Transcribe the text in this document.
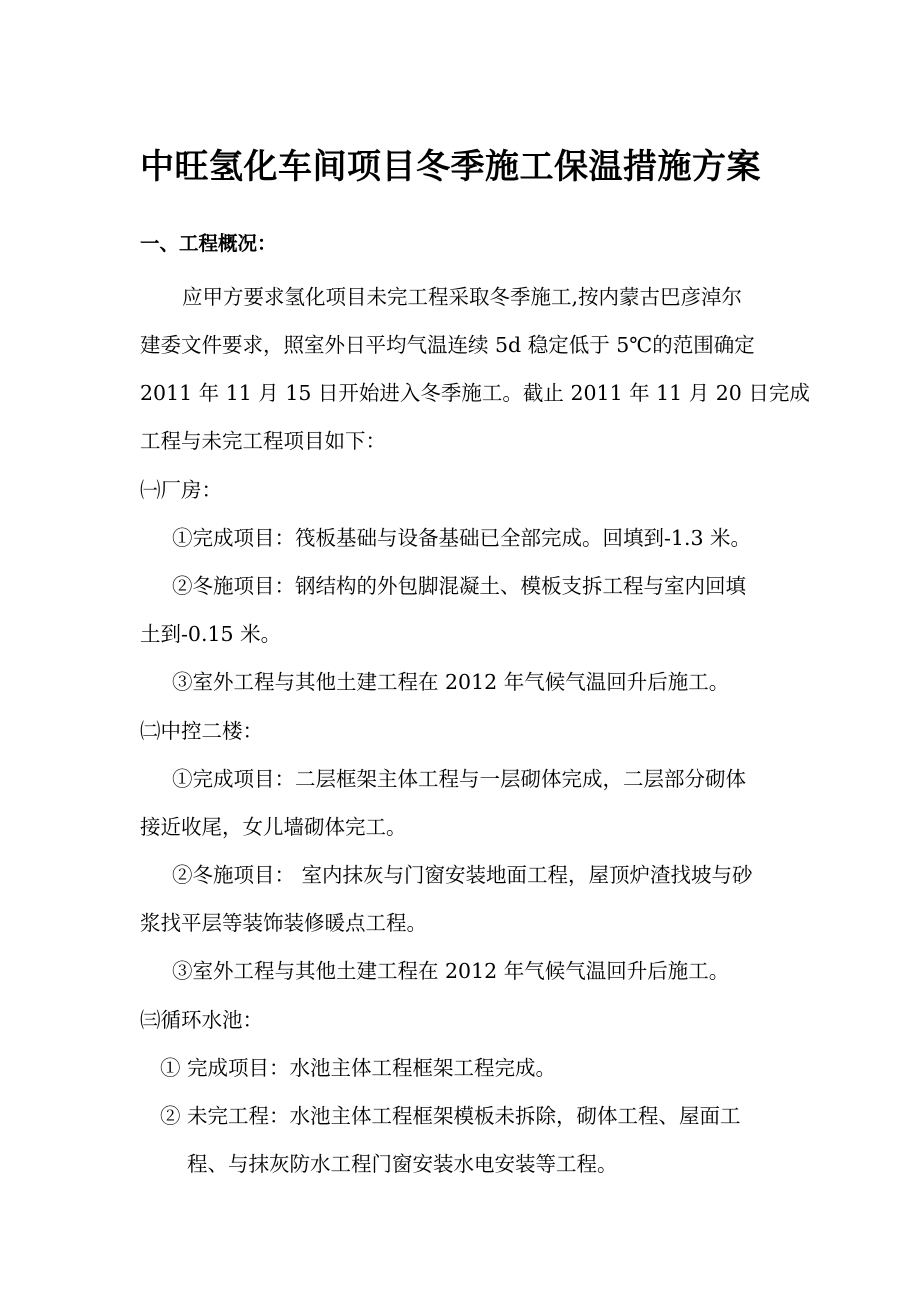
中旺氢化车间项目冬季施工保温措施方案
一、工程概况：
应甲方要求氢化项目未完工程采取冬季施工,按内蒙古巴彦淖尔
建委文件要求，照室外日平均气温连续 5d 稳定低于 5℃的范围确定
2011 年 11 月 15 日开始进入冬季施工。截止 2011 年 11 月 20 日完成
工程与未完工程项目如下：
㈠厂房：
①完成项目：筏板基础与设备基础已全部完成。回填到-1.3 米。
②冬施项目：钢结构的外包脚混凝土、模板支拆工程与室内回填
土到-0.15 米。
③室外工程与其他土建工程在 2012 年气候气温回升后施工。
㈡中控二楼：
①完成项目：二层框架主体工程与一层砌体完成，二层部分砌体
接近收尾，女儿墙砌体完工。
②冬施项目： 室内抹灰与门窗安装地面工程，屋顶炉渣找坡与砂
浆找平层等装饰装修暖点工程。
③室外工程与其他土建工程在 2012 年气候气温回升后施工。
㈢循环水池：
① 完成项目：水池主体工程框架工程完成。
② 未完工程：水池主体工程框架模板未拆除，砌体工程、屋面工
程、与抹灰防水工程门窗安装水电安装等工程。
